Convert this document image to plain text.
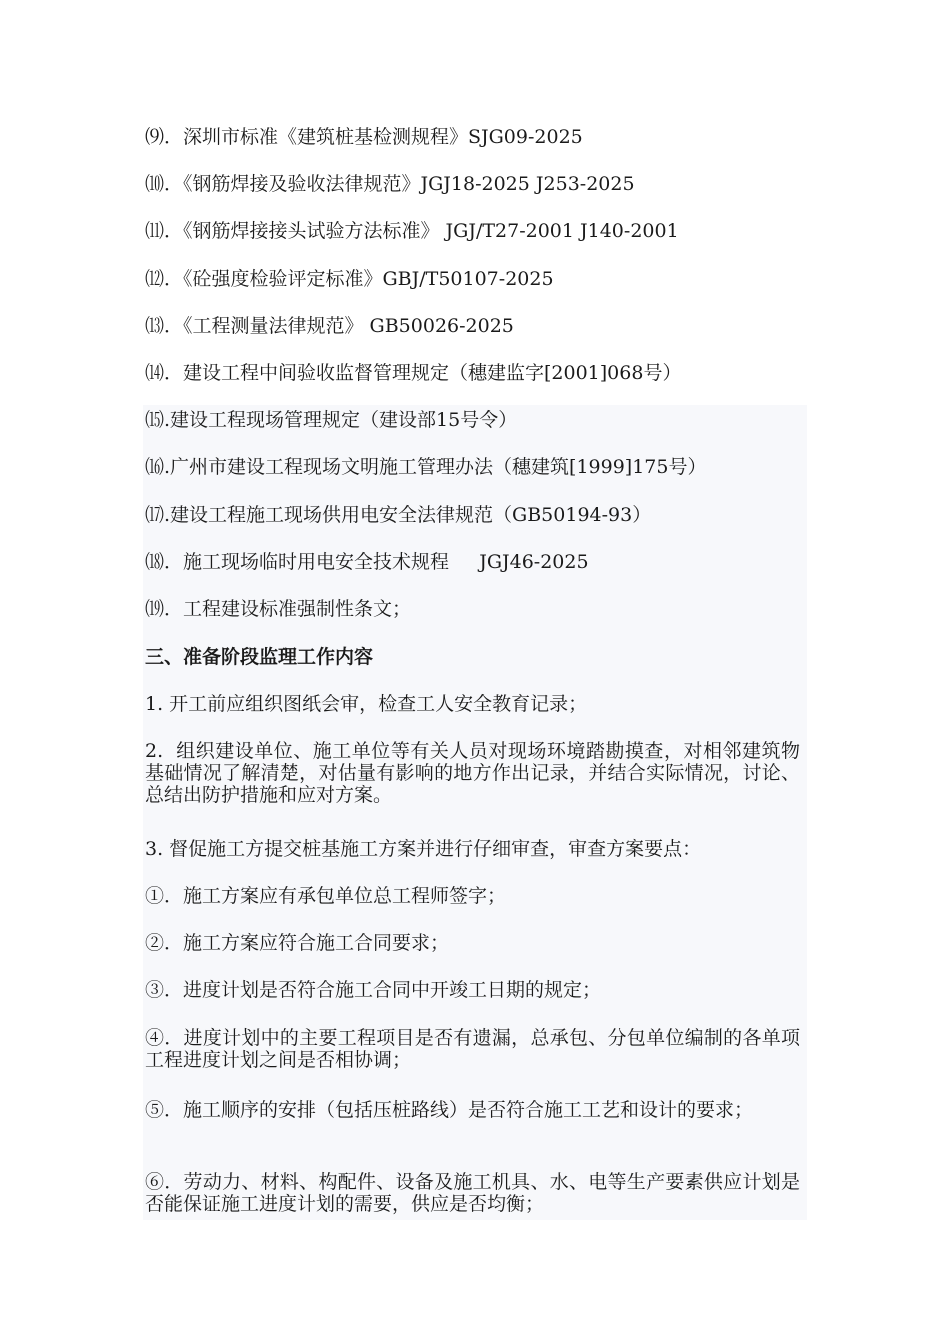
⑼．深圳市标准《建筑桩基检测规程》SJG09-2025
⑽．《钢筋焊接及验收法律规范》JGJ18-2025 J253-2025
⑾．《钢筋焊接接头试验方法标准》 JGJ/T27-2001 J140-2001
⑿．《砼强度检验评定标准》GBJ/T50107-2025
⒀．《工程测量法律规范》 GB50026-2025
⒁．建设工程中间验收监督管理规定（穗建监字[2001]068号）
⒂.建设工程现场管理规定（建设部15号令）
⒃.广州市建设工程现场文明施工管理办法（穗建筑[1999]175号）
⒄.建设工程施工现场供用电安全法律规范（GB50194-93）
⒅．施工现场临时用电安全技术规程     JGJ46-2025
⒆．工程建设标准强制性条文；
三、准备阶段监理工作内容
1. 开工前应组织图纸会审，检查工人安全教育记录；
2.  组织建设单位、施工单位等有关人员对现场环境踏勘摸查，对相邻建筑物基础情况了解清楚，对估量有影响的地方作出记录，并结合实际情况，讨论、总结出防护措施和应对方案。
3. 督促施工方提交桩基施工方案并进行仔细审查，审查方案要点：
①．施工方案应有承包单位总工程师签字；
②．施工方案应符合施工合同要求；
③．进度计划是否符合施工合同中开竣工日期的规定；
④．进度计划中的主要工程项目是否有遗漏，总承包、分包单位编制的各单项工程进度计划之间是否相协调；
⑤．施工顺序的安排（包括压桩路线）是否符合施工工艺和设计的要求；
⑥．劳动力、材料、构配件、设备及施工机具、水、电等生产要素供应计划是否能保证施工进度计划的需要，供应是否均衡；
